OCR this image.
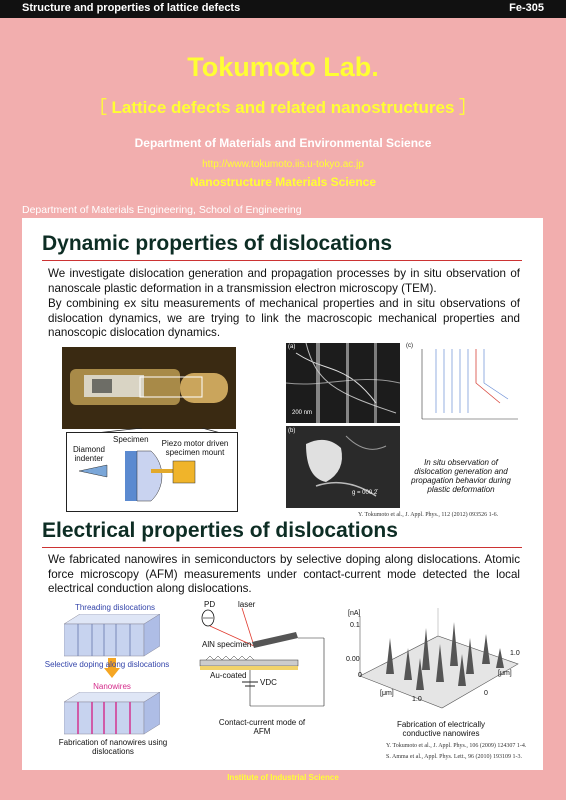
Structure and properties of lattice defects	Fe-305
Tokumoto Lab.
［ Lattice defects and related nanostructures ］
Department of Materials and Environmental Science
http://www.tokumoto.iis.u-tokyo.ac.jp
Nanostructure Materials Science
Department of Materials Engineering, School of Engineering
Dynamic properties of dislocations
We investigate dislocation generation and propagation processes by in situ observation of nanoscale plastic deformation in a transmission electron microscopy (TEM).
By combining ex situ measurements of mechanical properties and in situ observations of dislocation dynamics, we are trying to link the macroscopic mechanical properties and nanoscopic dislocation dynamics.
Specimen
Diamond indenter
Piezo motor driven specimen mount
(a)
200 nm
(b)
g = 000 2̄
(c)
In situ observation of dislocation generation and propagation behavior during plastic deformation
Y. Tokumoto et al., J. Appl. Phys., 112 (2012) 093526 1-6.
Electrical properties of dislocations
We fabricated nanowires in semiconductors by selective doping along dislocations. Atomic force microscopy (AFM) measurements under contact-current mode detected the local electrical conduction along dislocations.
Threading dislocations
Selective doping along dislocations
Nanowires
Fabrication of nanowires using dislocations
PD	laser
AlN specimen
Au-coated
VDC
Contact-current mode of AFM
[nA]
0.1
0.00
0
1.0
[μm]	0
1.0
[μm]
Fabrication of electrically conductive nanowires
Y. Tokumoto et al., J. Appl. Phys., 106 (2009) 124307 1-4.
S. Amma et al., Appl. Phys. Lett., 96 (2010) 193109 1-3.
Institute of Industrial Science
